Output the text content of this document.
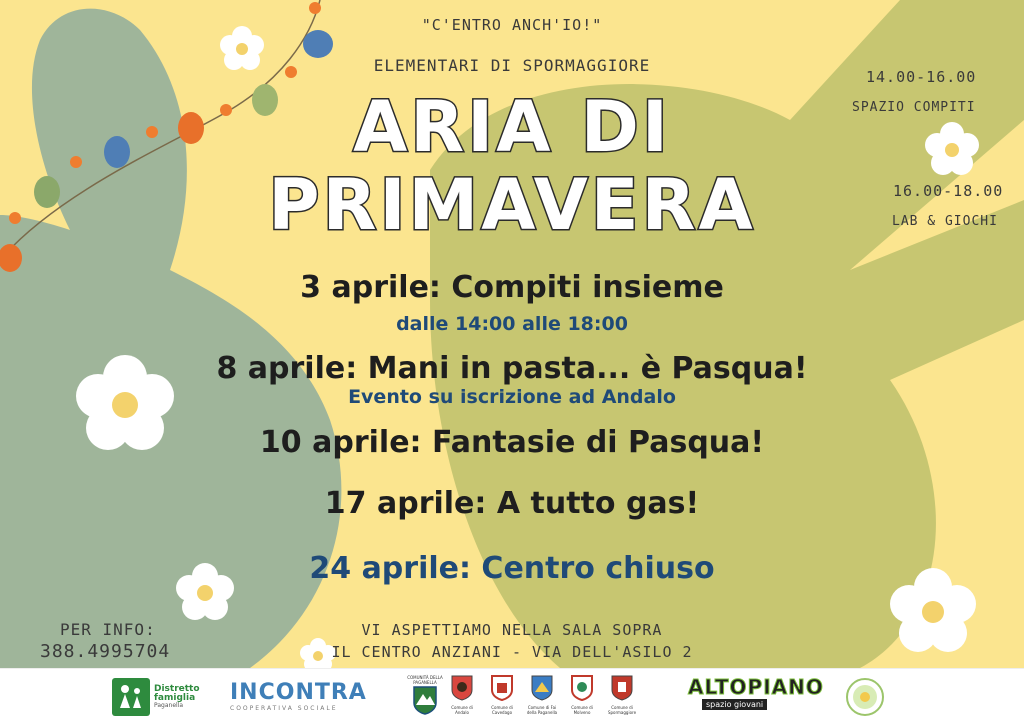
"C'ENTRO ANCH'IO!"
ELEMENTARI DI SPORMAGGIORE
ARIA DI
PRIMAVERA
14.00-16.00
SPAZIO COMPITI
16.00-18.00
LAB & GIOCHI
3 aprile: Compiti insieme
dalle 14:00 alle 18:00
8 aprile: Mani in pasta... è Pasqua!
Evento su iscrizione ad Andalo
10 aprile: Fantasie di Pasqua!
17 aprile: A tutto gas!
24 aprile: Centro chiuso
PER INFO:
388.4995704
VI ASPETTIAMO NELLA SALA SOPRA
IL CENTRO ANZIANI - VIA DELL'ASILO 2
Distretto famiglia
Paganella
INCONTRA
COOPERATIVA SOCIALE
COMUNITÀ DELLA PAGANELLA
Comune di Andalo
Comune di Cavedago
Comune di Fai della Paganella
Comune di Molveno
Comune di Spormaggiore
ALTOPIANO
spazio giovani
